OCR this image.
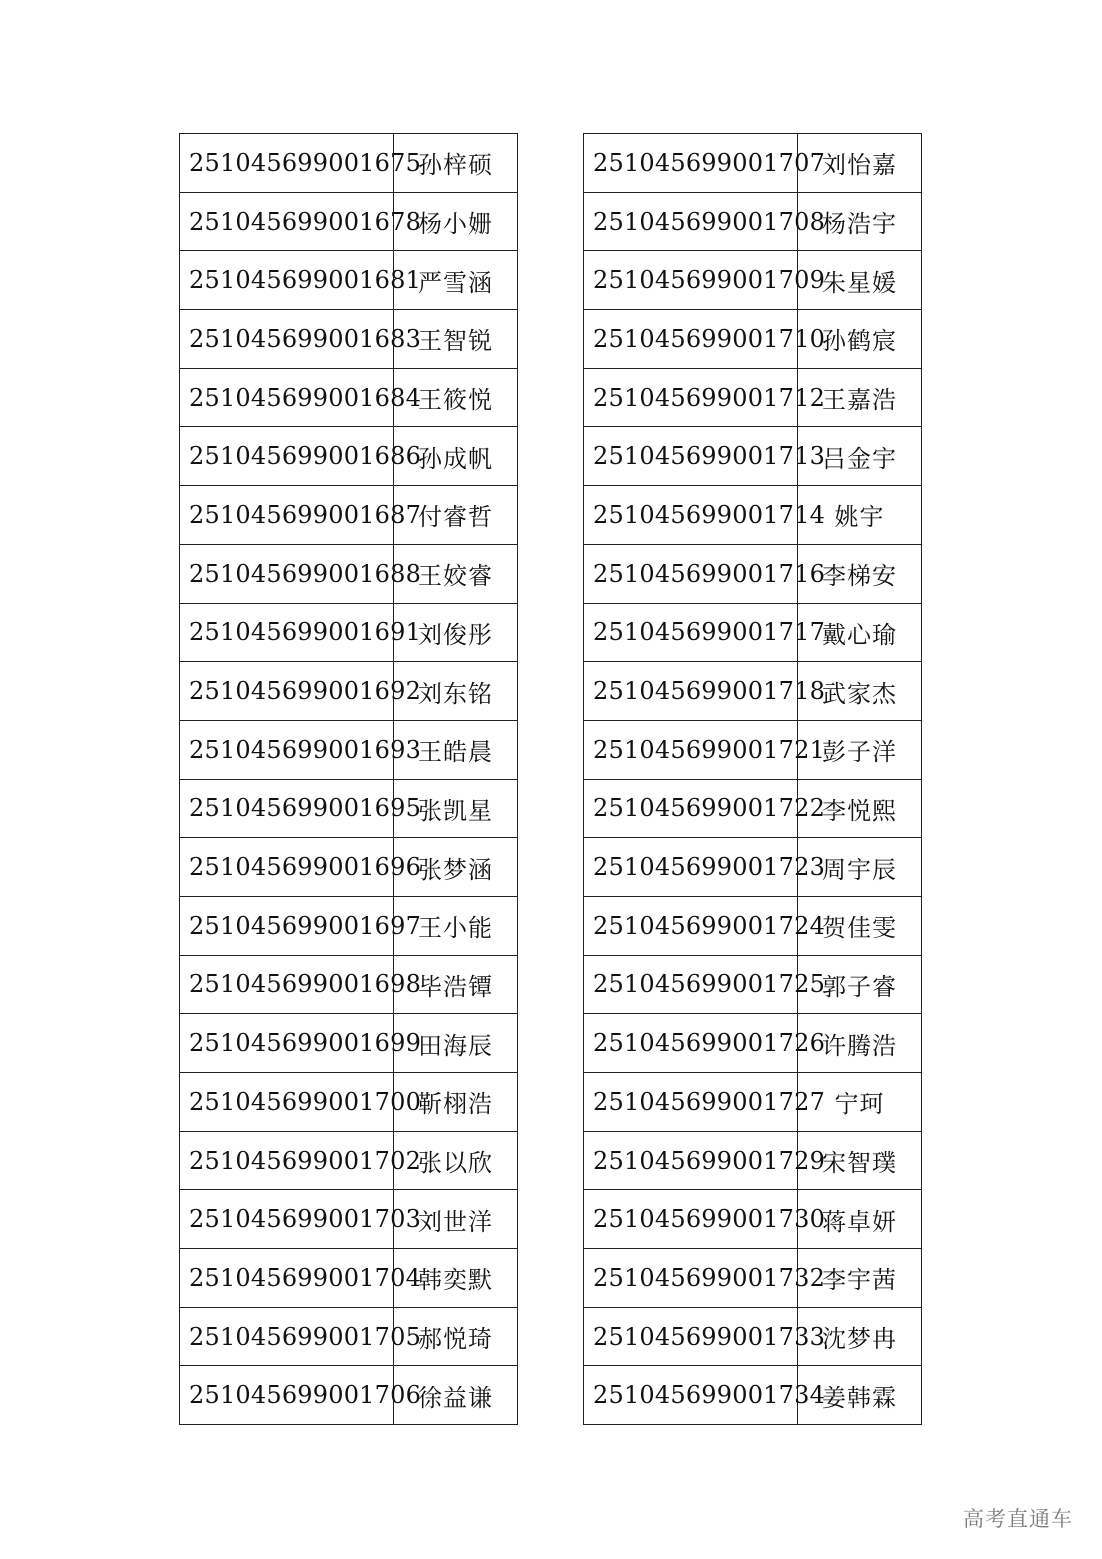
251045699001675	孙梓硕
251045699001678	杨小姗
251045699001681	严雪涵
251045699001683	王智锐
251045699001684	王筱悦
251045699001686	孙成帆
251045699001687	付睿哲
251045699001688	王姣睿
251045699001691	刘俊彤
251045699001692	刘东铭
251045699001693	王皓晨
251045699001695	张凯星
251045699001696	张梦涵
251045699001697	王小能
251045699001698	毕浩镡
251045699001699	田海辰
251045699001700	靳栩浩
251045699001702	张以欣
251045699001703	刘世洋
251045699001704	韩奕默
251045699001705	郝悦琦
251045699001706	徐益谦
251045699001707	刘怡嘉
251045699001708	杨浩宇
251045699001709	朱星媛
251045699001710	孙鹤宸
251045699001712	王嘉浩
251045699001713	吕金宇
251045699001714	姚宇
251045699001716	李梯安
251045699001717	戴心瑜
251045699001718	武家杰
251045699001721	彭子洋
251045699001722	李悦熙
251045699001723	周宇辰
251045699001724	贺佳雯
251045699001725	郭子睿
251045699001726	许腾浩
251045699001727	宁珂
251045699001729	宋智璞
251045699001730	蒋卓妍
251045699001732	李宇茜
251045699001733	沈梦冉
251045699001734	姜韩霖
高考直通车
